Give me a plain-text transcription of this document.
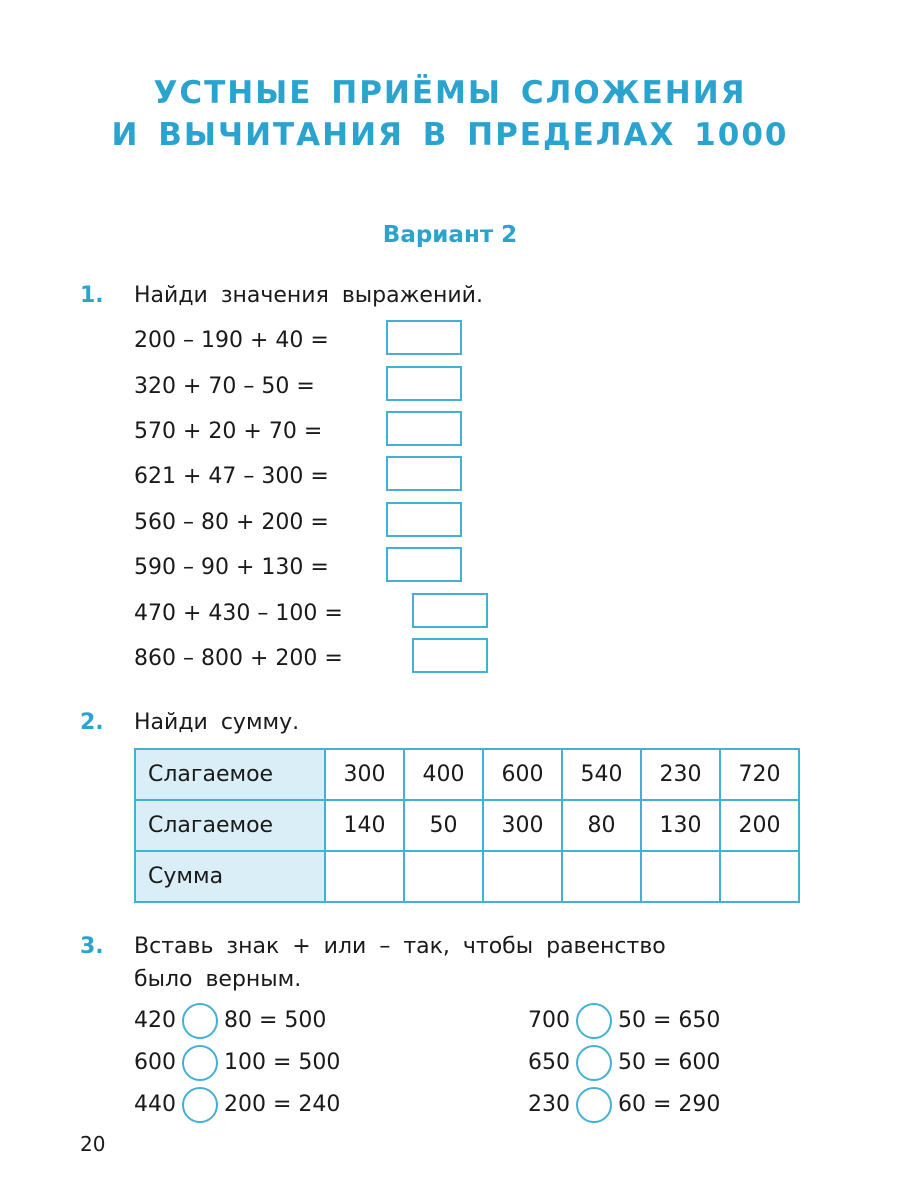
УСТНЫЕ ПРИЁМЫ СЛОЖЕНИЯ
И ВЫЧИТАНИЯ В ПРЕДЕЛАХ 1000
Вариант 2
1. Найди значения выражений.
200 – 190 + 40 =
320 + 70 – 50 =
570 + 20 + 70 =
621 + 47 – 300 =
560 – 80 + 200 =
590 – 90 + 130 =
470 + 430 – 100 =
860 – 800 + 200 =
2. Найди сумму.
Слагаемое	300	400	600	540	230	720
Слагаемое	140	50	300	80	130	200
Сумма						
3. Вставь знак + или – так, чтобы равенство
было верным.
420 80 = 500
600 100 = 500
440 200 = 240
700 50 = 650
650 50 = 600
230 60 = 290
20
